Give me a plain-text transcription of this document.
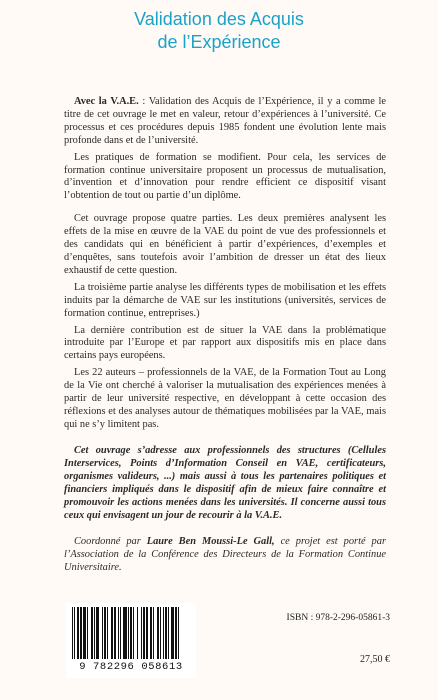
Validation des Acquis
de l’Expérience

Avec la V.A.E. : Validation des Acquis de l’Expérience, il y a comme le titre de cet ouvrage le met en valeur, retour d’expériences à l’université. Ce processus et ces procédures depuis 1985 fondent une évolution lente mais profonde dans et de l’université.

Les pratiques de formation se modifient. Pour cela, les services de formation continue universitaire proposent un processus de mutualisation, d’invention et d’innovation pour rendre efficient ce dispositif visant l’obtention de tout ou partie d’un diplôme.

Cet ouvrage propose quatre parties. Les deux premières analysent les effets de la mise en œuvre de la VAE du point de vue des professionnels et des candidats qui en bénéficient à partir d’expériences, d’exemples et d’enquêtes, sans toutefois avoir l’ambition de dresser un état des lieux exhaustif de cette question.

La troisième partie analyse les différents types de mobilisation et les effets induits par la démarche de VAE sur les institutions (universités, services de formation continue, entreprises.)

La dernière contribution est de situer la VAE dans la problématique introduite par l’Europe et par rapport aux dispositifs mis en place dans certains pays européens.

Les 22 auteurs – professionnels de la VAE, de la Formation Tout au Long de la Vie ont cherché à valoriser la mutualisation des expériences menées à partir de leur université respective, en développant à cette occasion des réflexions et des analyses autour de thématiques mobilisées par la VAE, mais qui ne s’y limitent pas.

Cet ouvrage s’adresse aux professionnels des structures (Cellules Interservices, Points d’Information Conseil en VAE, certificateurs, organismes valideurs, ...) mais aussi à tous les partenaires politiques et financiers impliqués dans le dispositif afin de mieux faire connaître et promouvoir les actions menées dans les universités. Il concerne aussi tous ceux qui envisagent un jour de recourir à la V.A.E.

Coordonné par Laure Ben Moussi-Le Gall, ce projet est porté par l’Association de la Conférence des Directeurs de la Formation Continue Universitaire.

9 782296 058613
ISBN : 978-2-296-05861-3
27,50 €
